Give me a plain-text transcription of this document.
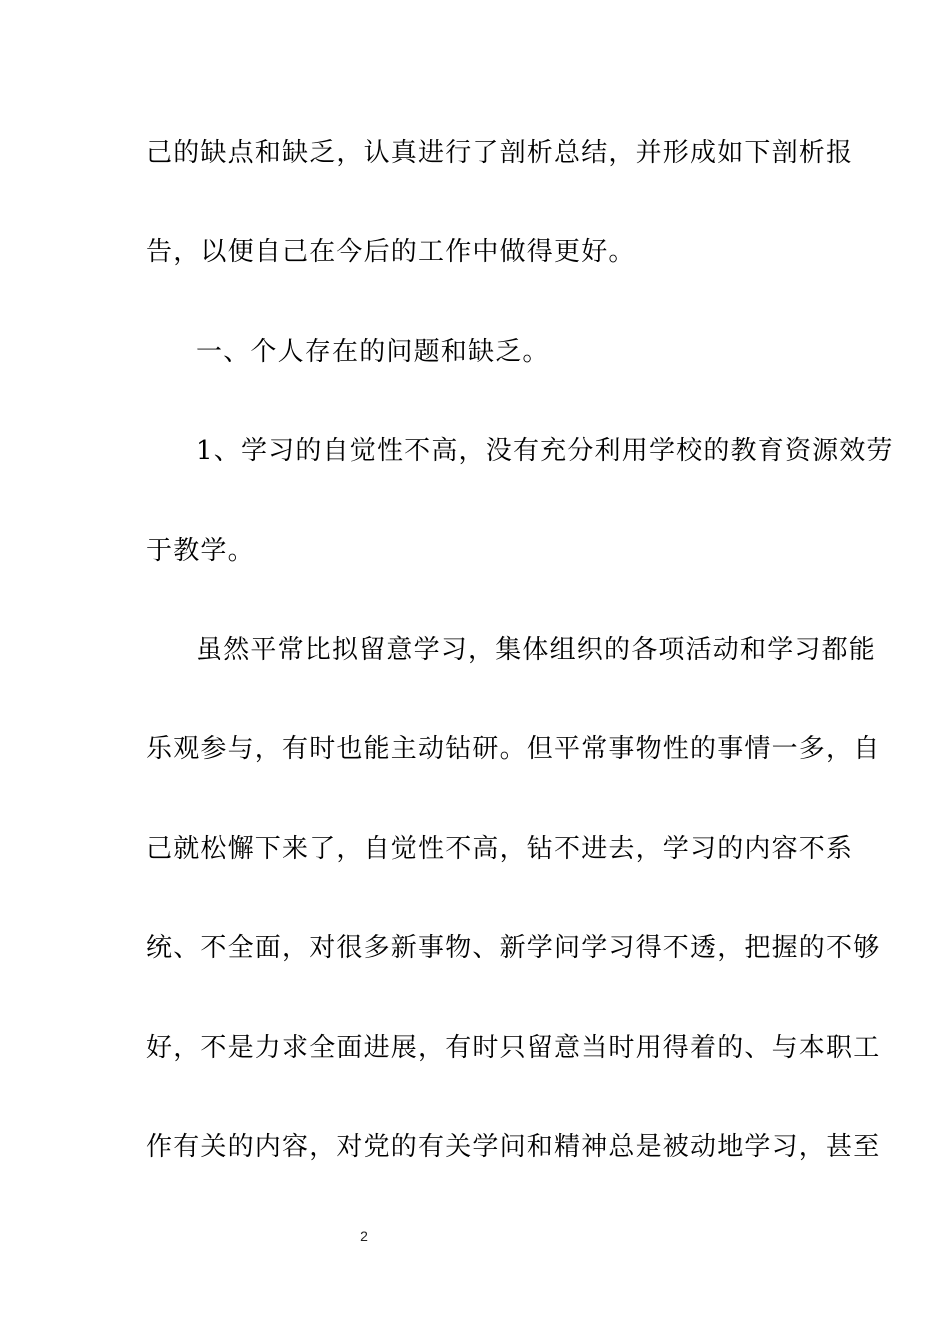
己的缺点和缺乏，认真进行了剖析总结，并形成如下剖析报
告，以便自己在今后的工作中做得更好。
一、个人存在的问题和缺乏。
1、学习的自觉性不高，没有充分利用学校的教育资源效劳
于教学。
虽然平常比拟留意学习，集体组织的各项活动和学习都能
乐观参与，有时也能主动钻研。但平常事物性的事情一多，自
己就松懈下来了，自觉性不高，钻不进去，学习的内容不系
统、不全面，对很多新事物、新学问学习得不透，把握的不够
好，不是力求全面进展，有时只留意当时用得着的、与本职工
作有关的内容，对党的有关学问和精神总是被动地学习，甚至
2
